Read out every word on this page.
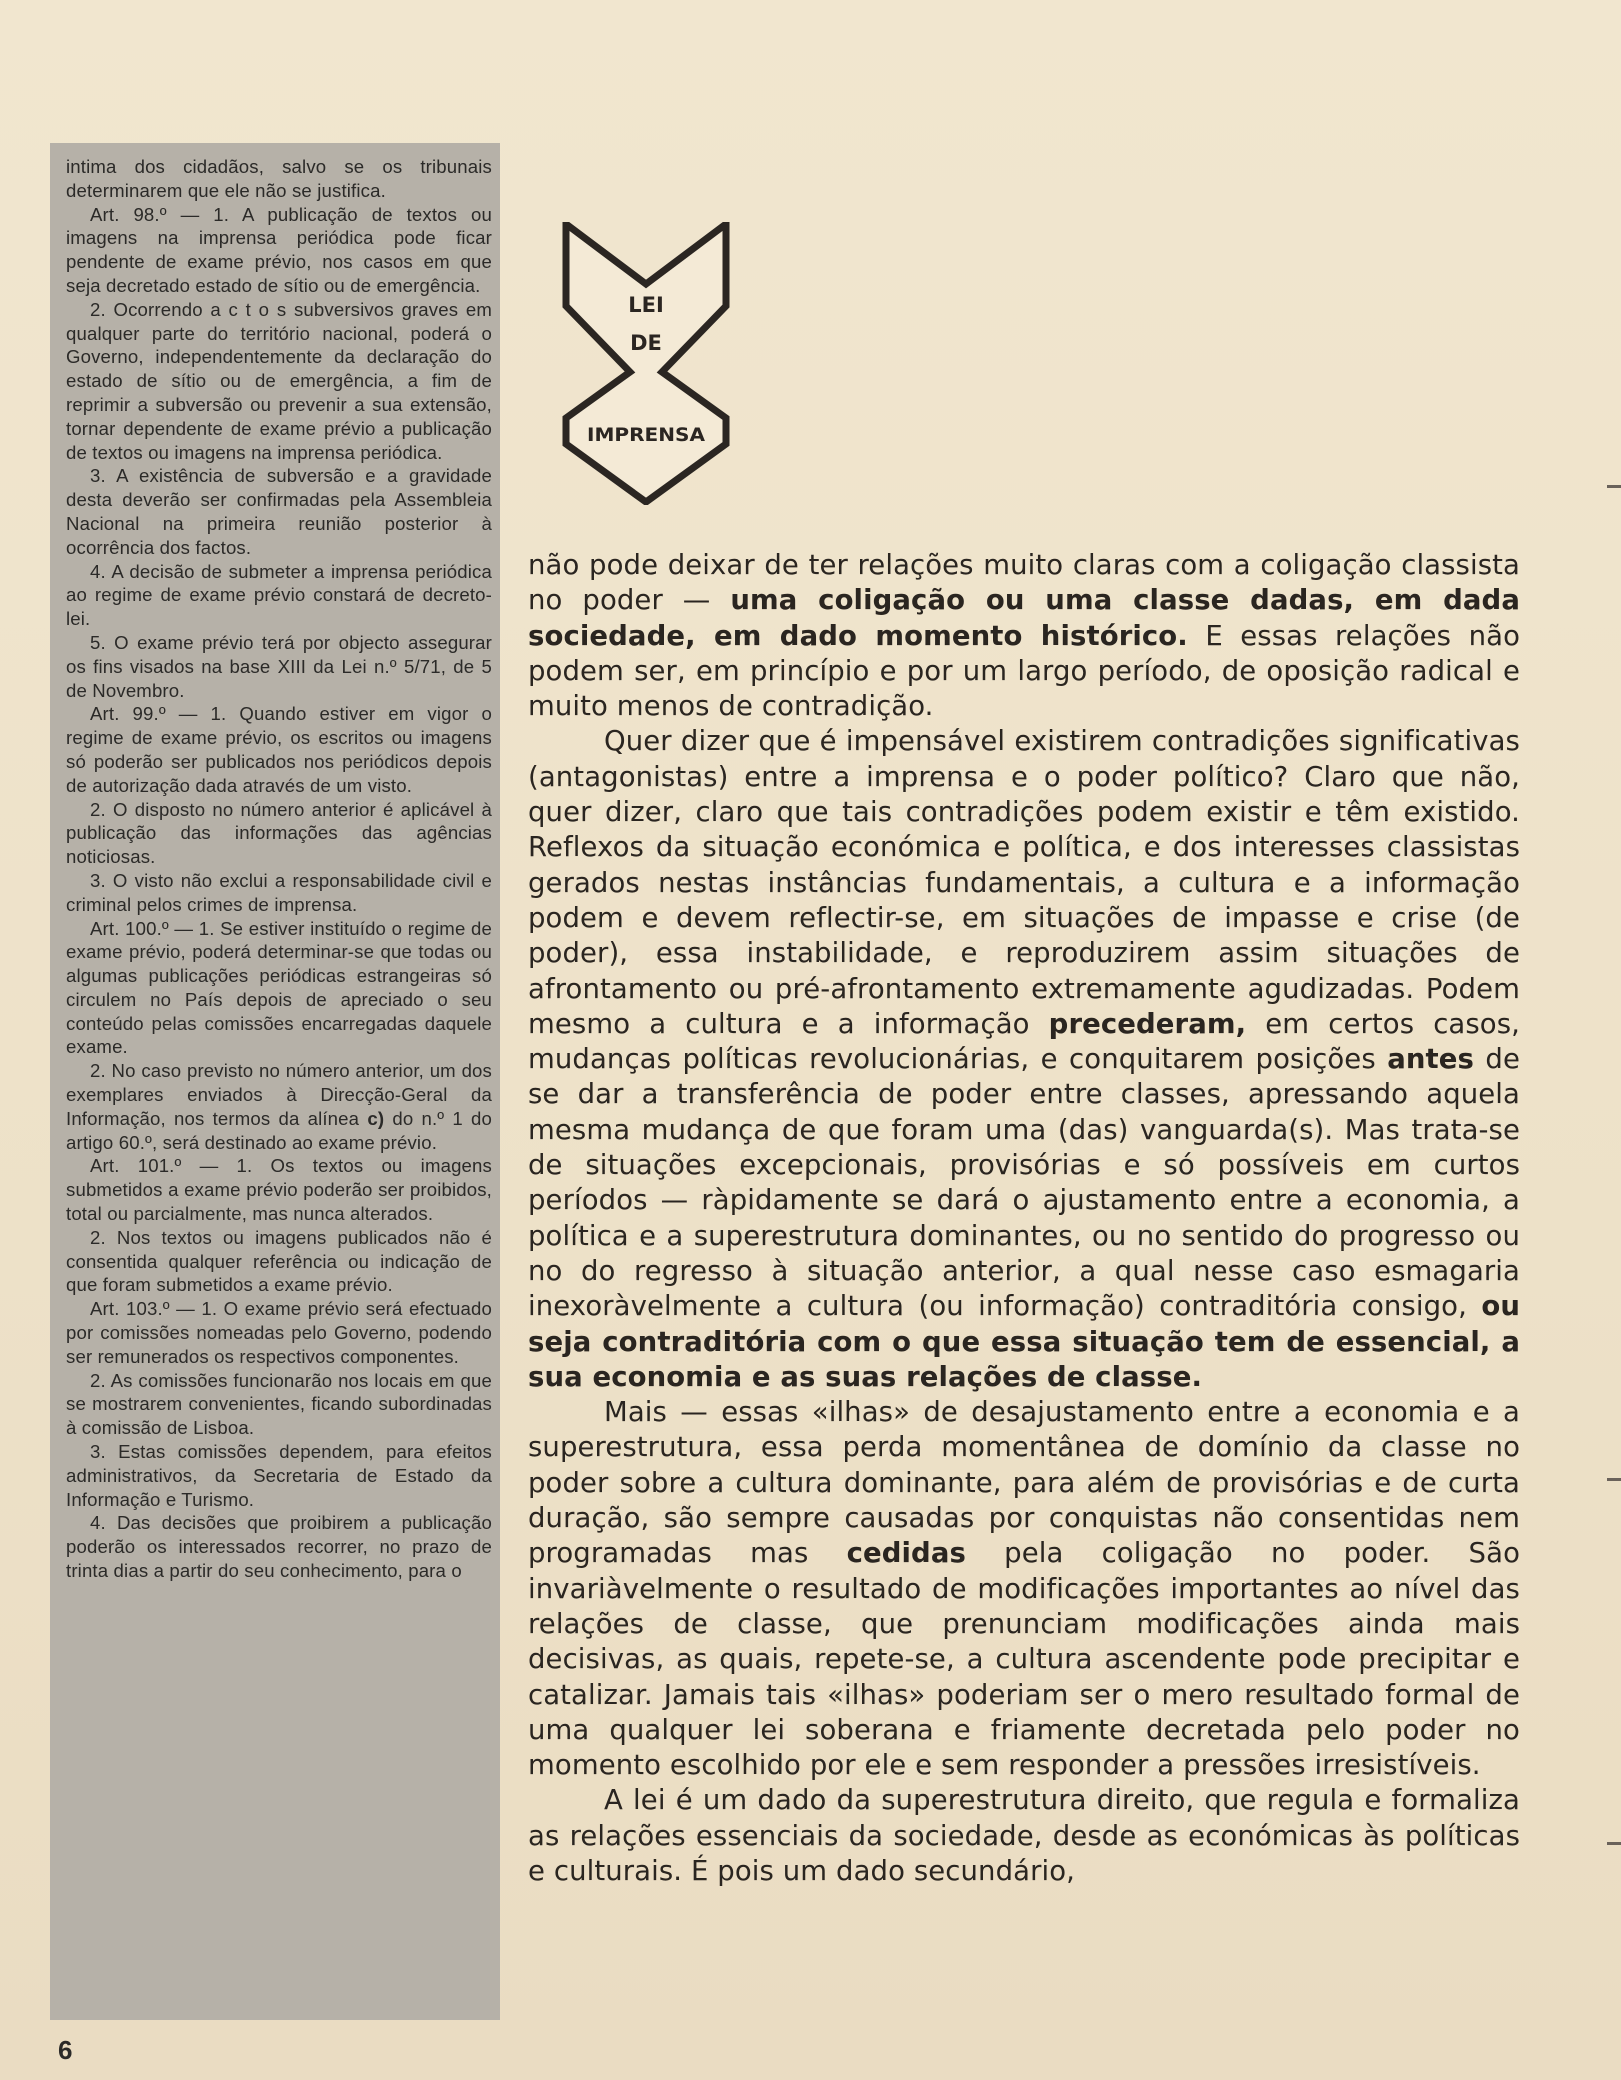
intima dos cidadãos, salvo se os tribunais determinarem que ele não se justifica.

Art. 98.º — 1. A publicação de textos ou imagens na imprensa periódica pode ficar pendente de exame prévio, nos casos em que seja decretado estado de sítio ou de emergência.

2. Ocorrendo a c t o s subversivos graves em qualquer parte do território nacional, poderá o Governo, independentemente da declaração do estado de sítio ou de emergência, a fim de reprimir a subversão ou prevenir a sua extensão, tornar dependente de exame prévio a publicação de textos ou imagens na imprensa periódica.

3. A existência de subversão e a gravidade desta deverão ser confirmadas pela Assembleia Nacional na primeira reunião posterior à ocorrência dos factos.

4. A decisão de submeter a imprensa periódica ao regime de exame prévio constará de decreto-lei.

5. O exame prévio terá por objecto assegurar os fins visados na base XIII da Lei n.º 5/71, de 5 de Novembro.

Art. 99.º — 1. Quando estiver em vigor o regime de exame prévio, os escritos ou imagens só poderão ser publicados nos periódicos depois de autorização dada através de um visto.

2. O disposto no número anterior é aplicável à publicação das informações das agências noticiosas.

3. O visto não exclui a responsabilidade civil e criminal pelos crimes de imprensa.

Art. 100.º — 1. Se estiver instituído o regime de exame prévio, poderá determinar-se que todas ou algumas publicações periódicas estrangeiras só circulem no País depois de apreciado o seu conteúdo pelas comissões encarregadas daquele exame.

2. No caso previsto no número anterior, um dos exemplares enviados à Direcção-Geral da Informação, nos termos da alínea c) do n.º 1 do artigo 60.º, será destinado ao exame prévio.

Art. 101.º — 1. Os textos ou imagens submetidos a exame prévio poderão ser proibidos, total ou parcialmente, mas nunca alterados.

2. Nos textos ou imagens publicados não é consentida qualquer referência ou indicação de que foram submetidos a exame prévio.

Art. 103.º — 1. O exame prévio será efectuado por comissões nomeadas pelo Governo, podendo ser remunerados os respectivos componentes.

2. As comissões funcionarão nos locais em que se mostrarem convenientes, ficando subordinadas à comissão de Lisboa.

3. Estas comissões dependem, para efeitos administrativos, da Secretaria de Estado da Informação e Turismo.

4. Das decisões que proibirem a publicação poderão os interessados recorrer, no prazo de trinta dias a partir do seu conhecimento, para o

LEI
DE
IMPRENSA

não pode deixar de ter relações muito claras com a coligação classista no poder — uma coligação ou uma classe dadas, em dada sociedade, em dado momento histórico. E essas relações não podem ser, em princípio e por um largo período, de oposição radical e muito menos de contradição.

Quer dizer que é impensável existirem contradições significativas (antagonistas) entre a imprensa e o poder político? Claro que não, quer dizer, claro que tais contradições podem existir e têm existido. Reflexos da situação económica e política, e dos interesses classistas gerados nestas instâncias fundamentais, a cultura e a informação podem e devem reflectir-se, em situações de impasse e crise (de poder), essa instabilidade, e reproduzirem assim situações de afrontamento ou pré-afrontamento extremamente agudizadas. Podem mesmo a cultura e a informação precederam, em certos casos, mudanças políticas revolucionárias, e conquitarem posições antes de se dar a transferência de poder entre classes, apressando aquela mesma mudança de que foram uma (das) vanguarda(s). Mas trata-se de situações excepcionais, provisórias e só possíveis em curtos períodos — ràpidamente se dará o ajustamento entre a economia, a política e a superestrutura dominantes, ou no sentido do progresso ou no do regresso à situação anterior, a qual nesse caso esmagaria inexoràvelmente a cultura (ou informação) contraditória consigo, ou seja contraditória com o que essa situação tem de essencial, a sua economia e as suas relações de classe.

Mais — essas «ilhas» de desajustamento entre a economia e a superestrutura, essa perda momentânea de domínio da classe no poder sobre a cultura dominante, para além de provisórias e de curta duração, são sempre causadas por conquistas não consentidas nem programadas mas cedidas pela coligação no poder. São invariàvelmente o resultado de modificações importantes ao nível das relações de classe, que prenunciam modificações ainda mais decisivas, as quais, repete-se, a cultura ascendente pode precipitar e catalizar. Jamais tais «ilhas» poderiam ser o mero resultado formal de uma qualquer lei soberana e friamente decretada pelo poder no momento escolhido por ele e sem responder a pressões irresistíveis.

A lei é um dado da superestrutura direito, que regula e formaliza as relações essenciais da sociedade, desde as económicas às políticas e culturais. É pois um dado secundário,

6
